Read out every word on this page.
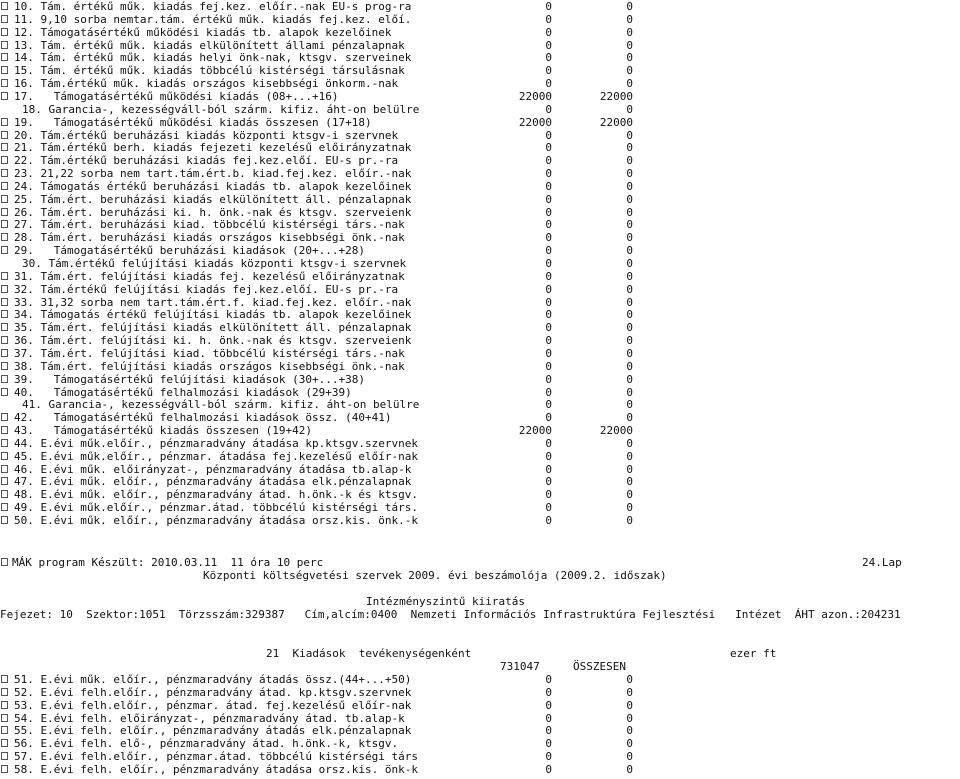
10. Tám. értékű műk. kiadás fej.kez. előír.-nak EU-s prog-ra	0	0
11. 9,10 sorba nemtar.tám. értékű műk. kiadás fej.kez. előí.	0	0
12. Támogatásértékű működési kiadás tb. alapok kezelőinek	0	0
13. Tám. értékű műk. kiadás elkülönített állami pénzalapnak	0	0
14. Tám. értékű műk. kiadás helyi önk-nak, ktsgv. szerveinek	0	0
15. Tám. értékű műk. kiadás többcélú kistérségi társulásnak	0	0
16. Tám.értékű műk. kiadás országos kisebbségi önkorm.-nak	0	0
17.   Támogatásértékű működési kiadás (08+...+16)	22000	22000
18. Garancia-, kezességváll-ból szárm. kifiz. áht-on belülre	0	0
19.   Támogatásértékű működési kiadás összesen (17+18)	22000	22000
20. Tám.értékű beruházási kiadás központi ktsgv-i szervnek	0	0
21. Tám.értékű berh. kiadás fejezeti kezelésű előirányzatnak	0	0
22. Tám.értékű beruházási kiadás fej.kez.előí. EU-s pr.-ra	0	0
23. 21,22 sorba nem tart.tám.ért.b. kiad.fej.kez. előír.-nak	0	0
24. Támogatás értékű beruházási kiadás tb. alapok kezelőinek	0	0
25. Tám.ért. beruházási kiadás elkülönített áll. pénzalapnak	0	0
26. Tám.ért. beruházási ki. h. önk.-nak és ktsgv. szerveienk	0	0
27. Tám.ért. beruházási kiad. többcélú kistérségi társ.-nak	0	0
28. Tám.ért. beruházási kiadás országos kisebbségi önk.-nak	0	0
29.   Támogatásértékű beruházási kiadások (20+...+28)	0	0
30. Tám.értékű felújítási kiadás központi ktsgv-i szervnek	0	0
31. Tám.ért. felújítási kiadás fej. kezelésű előirányzatnak	0	0
32. Tám.értékű felújítási kiadás fej.kez.előí. EU-s pr.-ra	0	0
33. 31,32 sorba nem tart.tám.ért.f. kiad.fej.kez. előír.-nak	0	0
34. Támogatás értékű felújítási kiadás tb. alapok kezelőinek	0	0
35. Tám.ért. felújítási kiadás elkülönített áll. pénzalapnak	0	0
36. Tám.ért. felújítási ki. h. önk.-nak és ktsgv. szerveienk	0	0
37. Tám.ért. felújítási kiad. többcélú kistérségi társ.-nak	0	0
38. Tám.ért. felújítási kiadás országos kisebbségi önk.-nak	0	0
39.   Támogatásértékű felújítási kiadások (30+...+38)	0	0
40.   Támogatásértékű felhalmozási kiadások (29+39)	0	0
41. Garancia-, kezességváll-ból szárm. kifiz. áht-on belülre	0	0
42.   Támogatásértékű felhalmozási kiadások össz. (40+41)	0	0
43.   Támogatásértékű kiadás összesen (19+42)	22000	22000
44. E.évi műk.előír., pénzmaradvány átadása kp.ktsgv.szervnek	0	0
45. E.évi műk.előír., pénzmar. átadása fej.kezelésű előír-nak	0	0
46. E.évi műk. előirányzat-, pénzmaradvány átadása tb.alap-k	0	0
47. E.évi műk. előír., pénzmaradvány átadása elk.pénzalapnak	0	0
48. E.évi műk. előír., pénzmaradvány átad. h.önk.-k és ktsgv.	0	0
49. E.évi műk.előír., pénzmar.átad. többcélú kistérségi társ.	0	0
50. E.évi műk. előír., pénzmaradvány átadása orsz.kis. önk.-k	0	0

MÁK program Készült: 2010.03.11  11 óra 10 perc

	24.Lap

Központi költségvetési szervek 2009. évi beszámolója (2009.2. időszak)

Intézményszintű kiiratás

Fejezet: 10  Szektor:1051  Törzsszám:329387   Cím,alcím:0400  Nemzeti Információs Infrastruktúra Fejlesztési   Intézet  ÁHT azon.:204231

21  Kiadások  tevékenységenként

	ezer ft

731047

	ÖSSZESEN

51. E.évi műk. előír., pénzmaradvány átadás össz.(44+...+50)	0	0
52. E.évi felh.előír., pénzmaradvány átad. kp.ktsgv.szervnek	0	0
53. E.évi felh.előír., pénzmar. átad. fej.kezelésű előír-nak	0	0
54. E.évi felh. előirányzat-, pénzmaradvány átad. tb.alap-k	0	0
55. E.évi felh. előír., pénzmaradvány átadás elk.pénzalapnak	0	0
56. E.évi felh. elő-, pénzmaradvány átad. h.önk.-k, ktsgv.	0	0
57. E.évi felh.előír., pénzmar.átad. többcélú kistérségi társ	0	0
58. E.évi felh. előír., pénzmaradvány átadása orsz.kis. önk-k	0	0
